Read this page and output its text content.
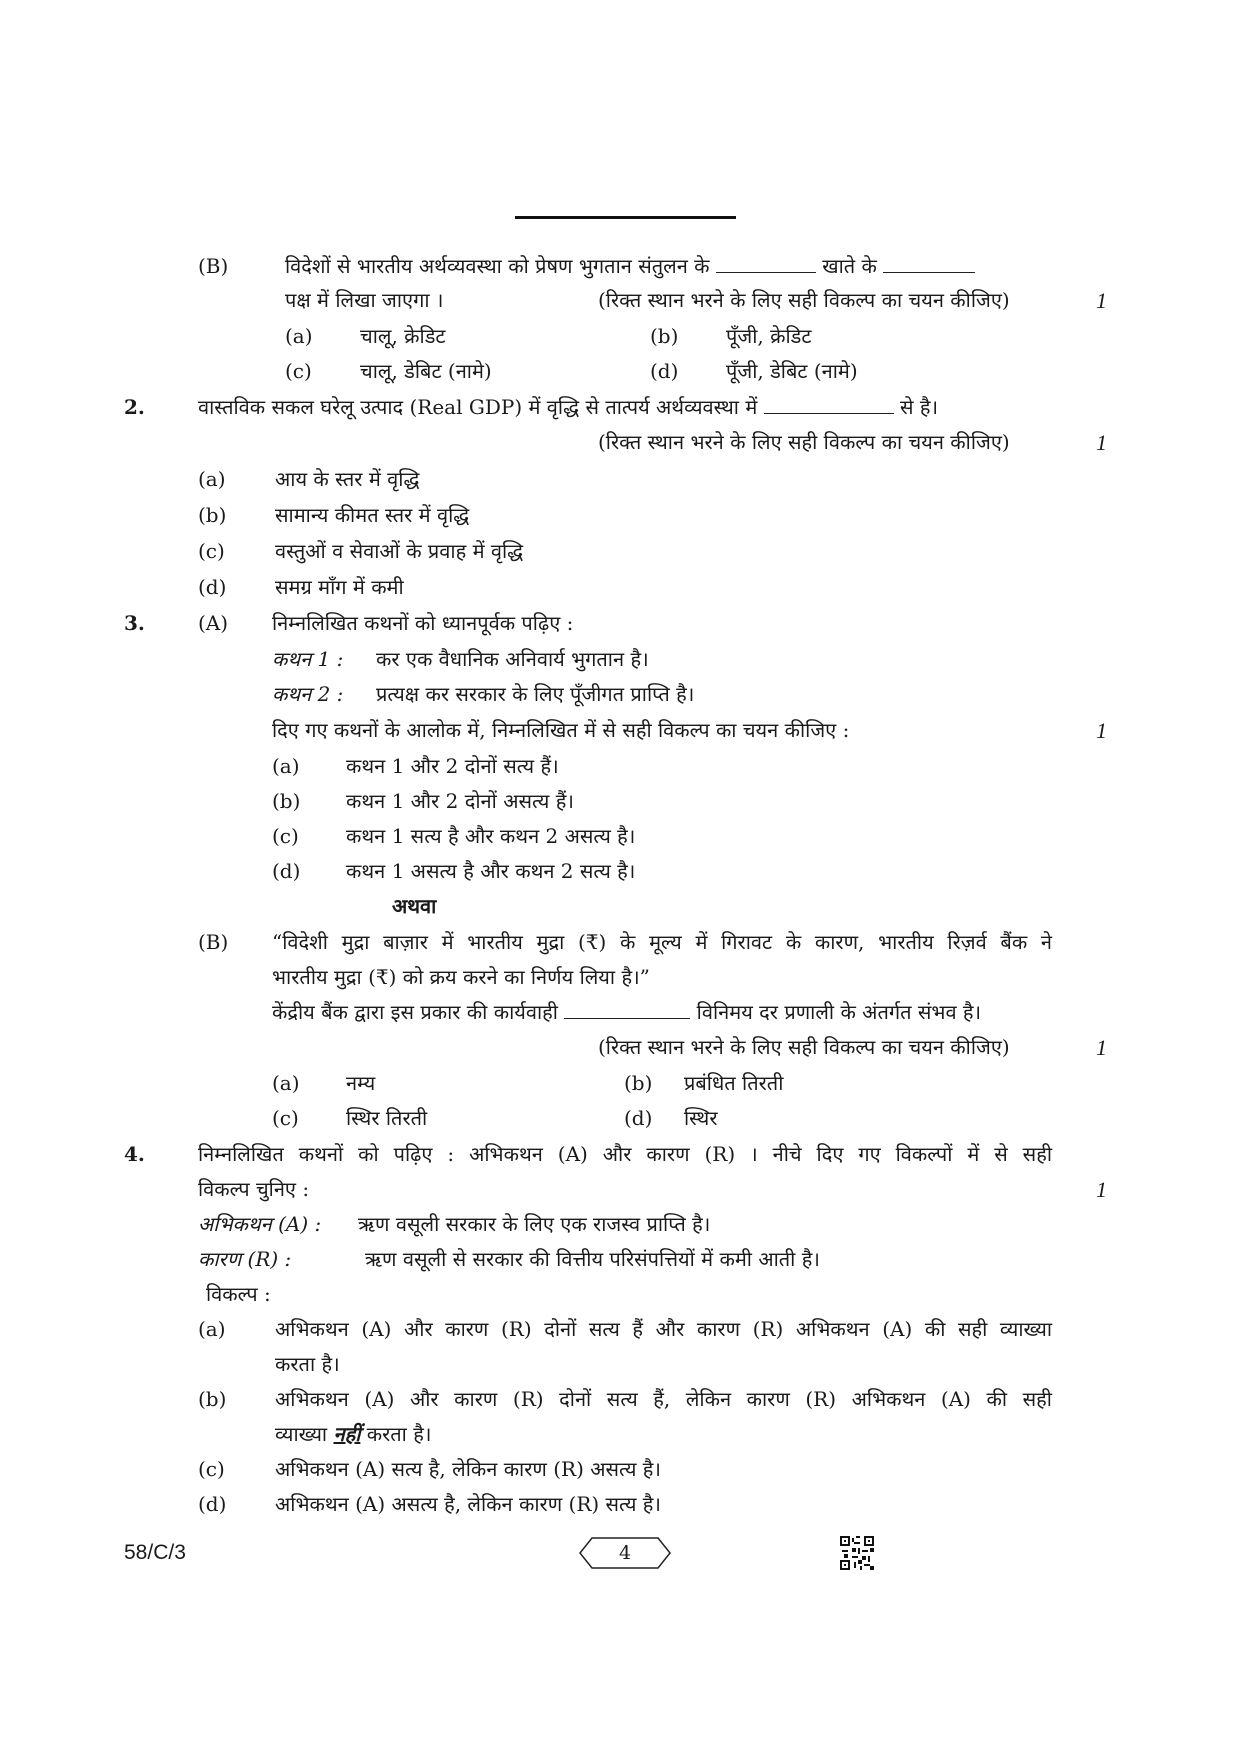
(B)	विदेशों से भारतीय अर्थव्यवस्था को प्रेषण भुगतान संतुलन के	खाते के
पक्ष में लिखा जाएगा ।	(रिक्त स्थान भरने के लिए सही विकल्प का चयन कीजिए)	1
(a) चालू, क्रेडिट	(b) पूँजी, क्रेडिट
(c) चालू, डेबिट (नामे)	(d) पूँजी, डेबिट (नामे)
2.	वास्तविक सकल घरेलू उत्पाद (Real GDP) में वृद्धि से तात्पर्य अर्थव्यवस्था में	से है।
(रिक्त स्थान भरने के लिए सही विकल्प का चयन कीजिए)	1
(a) आय के स्तर में वृद्धि
(b) सामान्य कीमत स्तर में वृद्धि
(c)	वस्तुओं व सेवाओं के प्रवाह में वृद्धि
(d) समग्र माँग में कमी
3.	(A) निम्नलिखित कथनों को ध्यानपूर्वक पढ़िए :
कथन 1 : कर एक वैधानिक अनिवार्य भुगतान है।
कथन 2 : प्रत्यक्ष कर सरकार के लिए पूँजीगत प्राप्ति है।
दिए गए कथनों के आलोक में, निम्नलिखित में से सही विकल्प का चयन कीजिए :	1
(a) कथन 1 और 2 दोनों सत्य हैं।
(b) कथन 1 और 2 दोनों असत्य हैं।
(c) कथन 1 सत्य है और कथन 2 असत्य है।
(d) कथन 1 असत्य है और कथन 2 सत्य है।
अथवा
(B) “विदेशी मुद्रा बाज़ार में भारतीय मुद्रा (₹) के मूल्य में गिरावट के कारण, भारतीय रिज़र्व बैंक ने
भारतीय मुद्रा (₹) को क्रय करने का निर्णय लिया है।”
केंद्रीय बैंक द्वारा इस प्रकार की कार्यवाही	विनिमय दर प्रणाली के अंतर्गत संभव है।
(रिक्त स्थान भरने के लिए सही विकल्प का चयन कीजिए)	1
(a) नम्य	(b) प्रबंधित तिरती
(c) स्थिर तिरती	(d) स्थिर
4.	निम्नलिखित कथनों को पढ़िए : अभिकथन (A) और कारण (R) । नीचे दिए गए विकल्पों में से सही
विकल्प चुनिए :	1
अभिकथन (A) : ऋण वसूली सरकार के लिए एक राजस्व प्राप्ति है।
कारण (R) :	ऋण वसूली से सरकार की वित्तीय परिसंपत्तियों में कमी आती है।
विकल्प :
(a) अभिकथन (A) और कारण (R) दोनों सत्य हैं और कारण (R) अभिकथन (A) की सही व्याख्या
करता है।
(b) अभिकथन (A) और कारण (R) दोनों सत्य हैं, लेकिन कारण (R) अभिकथन (A) की सही
व्याख्या नहीं करता है।
(c)	अभिकथन (A) सत्य है, लेकिन कारण (R) असत्य है।
(d) अभिकथन (A) असत्य है, लेकिन कारण (R) सत्य है।
58/C/3	4
